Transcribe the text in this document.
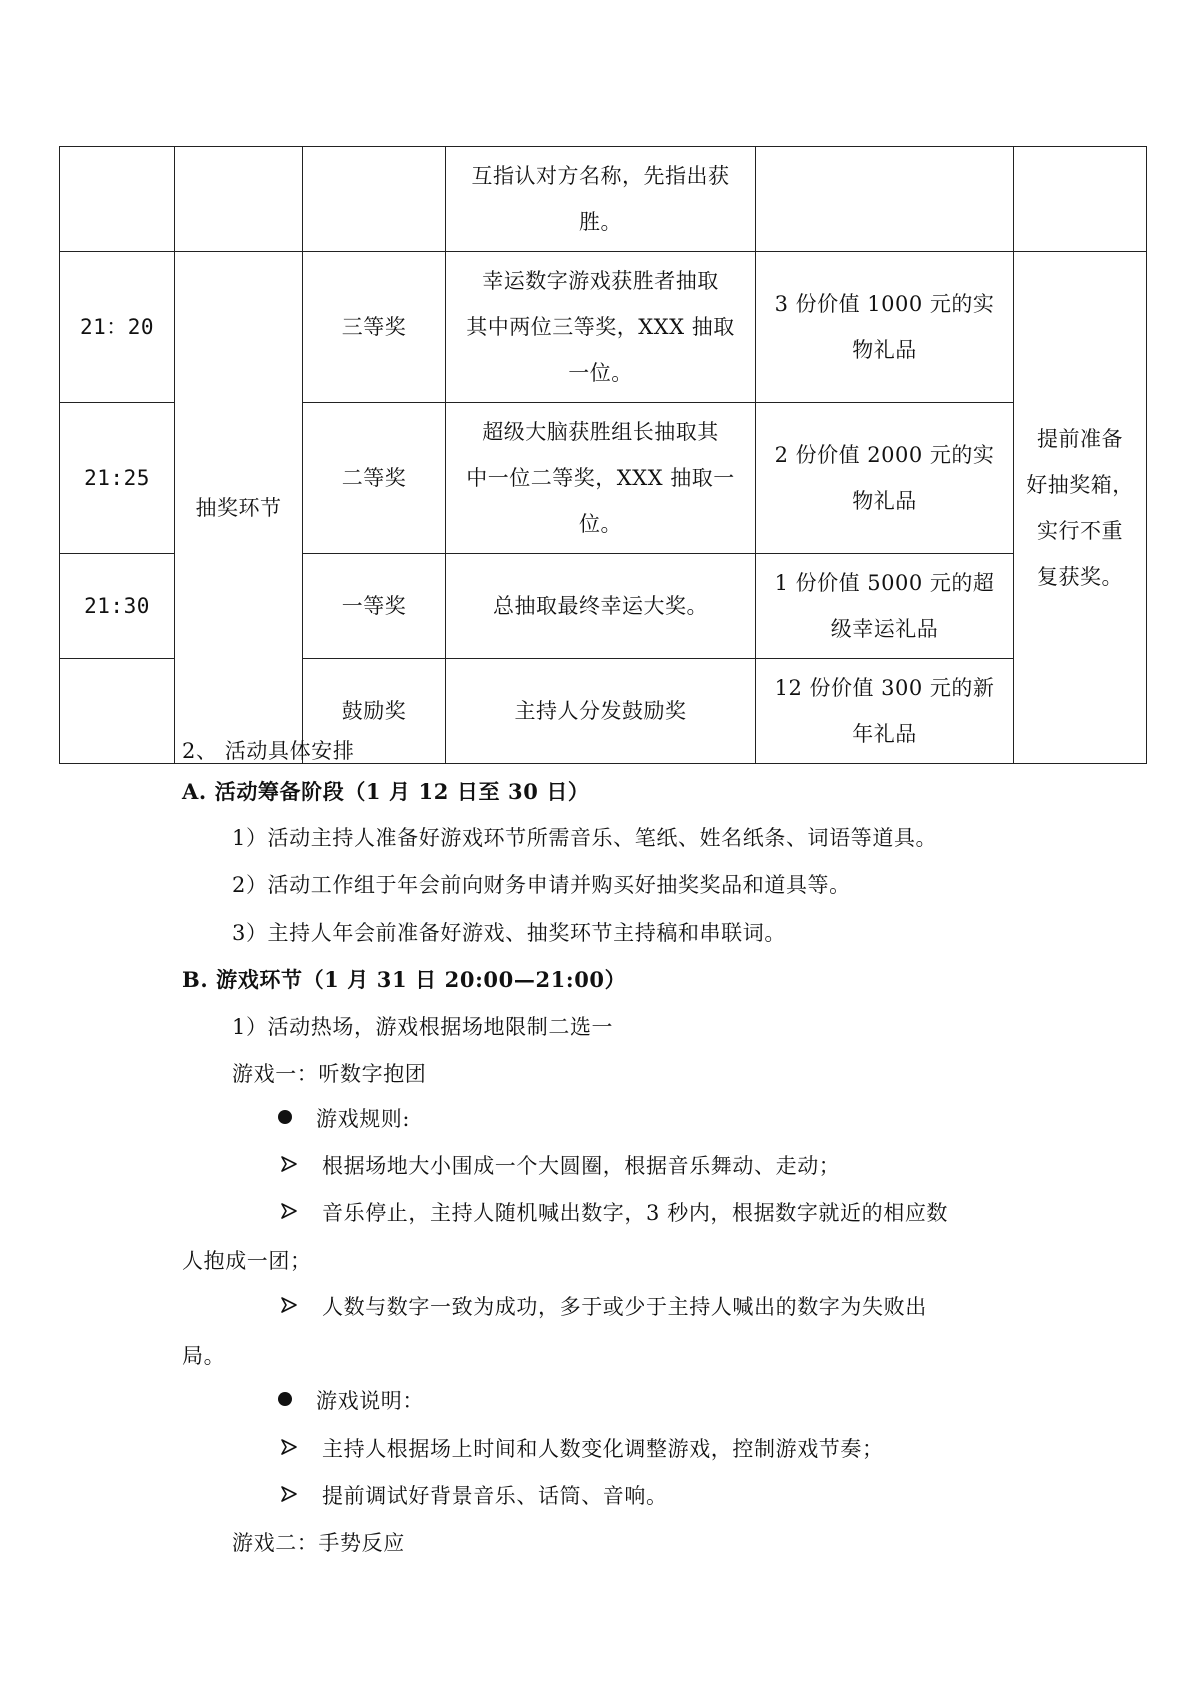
			互指认对方名称，先指出获
胜。		

21：20	抽奖环节	三等奖	幸运数字游戏获胜者抽取
其中两位三等奖，XXX 抽取
一位。	3 份价值 1000 元的实
物礼品	提前准备
好抽奖箱，
实行不重
复获奖。

21:25		二等奖	超级大脑获胜组长抽取其
中一位二等奖，XXX 抽取一
位。	2 份价值 2000 元的实
物礼品	

21:30		一等奖	总抽取最终幸运大奖。	1 份价值 5000 元的超
级幸运礼品	

		鼓励奖	主持人分发鼓励奖	12 份价值 300 元的新
年礼品	
2、 活动具体安排
A. 活动筹备阶段（1 月 12 日至 30 日）
1）活动主持人准备好游戏环节所需音乐、笔纸、姓名纸条、词语等道具。
2）活动工作组于年会前向财务申请并购买好抽奖奖品和道具等。
3）主持人年会前准备好游戏、抽奖环节主持稿和串联词。
B. 游戏环节（1 月 31 日 20:00—21:00）
1）活动热场，游戏根据场地限制二选一
游戏一：听数字抱团
游戏规则:
根据场地大小围成一个大圆圈，根据音乐舞动、走动；
音乐停止，主持人随机喊出数字，3 秒内，根据数字就近的相应数
人抱成一团；
人数与数字一致为成功，多于或少于主持人喊出的数字为失败出
局。
游戏说明：
主持人根据场上时间和人数变化调整游戏，控制游戏节奏；
提前调试好背景音乐、话筒、音响。
游戏二：手势反应
